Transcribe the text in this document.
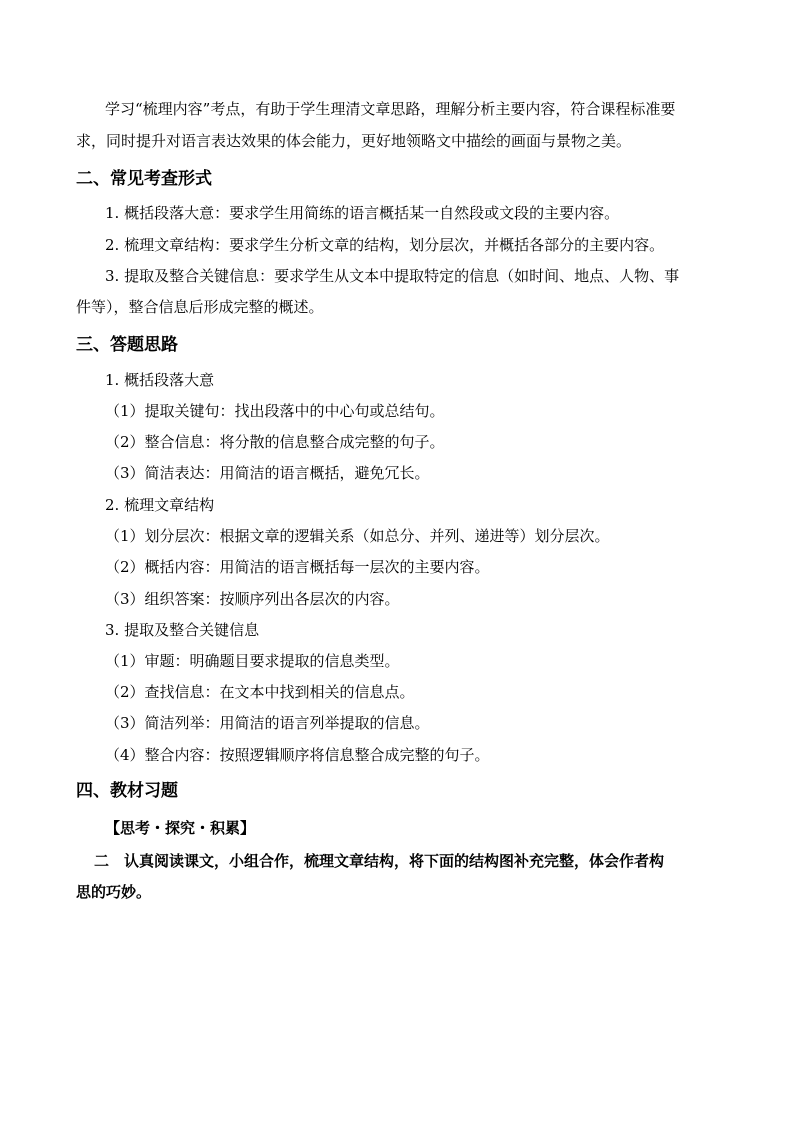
学习“梳理内容”考点，有助于学生理清文章思路，理解分析主要内容，符合课程标准要
求，同时提升对语言表达效果的体会能力，更好地领略文中描绘的画面与景物之美。
二、常见考查形式
1. 概括段落大意：要求学生用简练的语言概括某一自然段或文段的主要内容。
2. 梳理文章结构：要求学生分析文章的结构，划分层次，并概括各部分的主要内容。
3. 提取及整合关键信息：要求学生从文本中提取特定的信息（如时间、地点、人物、事
件等），整合信息后形成完整的概述。
三、答题思路
1. 概括段落大意
（1）提取关键句：找出段落中的中心句或总结句。
（2）整合信息：将分散的信息整合成完整的句子。
（3）简洁表达：用简洁的语言概括，避免冗长。
2. 梳理文章结构
（1）划分层次：根据文章的逻辑关系（如总分、并列、递进等）划分层次。
（2）概括内容：用简洁的语言概括每一层次的主要内容。
（3）组织答案：按顺序列出各层次的内容。
3. 提取及整合关键信息
（1）审题：明确题目要求提取的信息类型。
（2）查找信息：在文本中找到相关的信息点。
（3）简洁列举：用简洁的语言列举提取的信息。
（4）整合内容：按照逻辑顺序将信息整合成完整的句子。
四、教材习题
【思考・探究・积累】
二　认真阅读课文，小组合作，梳理文章结构，将下面的结构图补充完整，体会作者构
思的巧妙。
